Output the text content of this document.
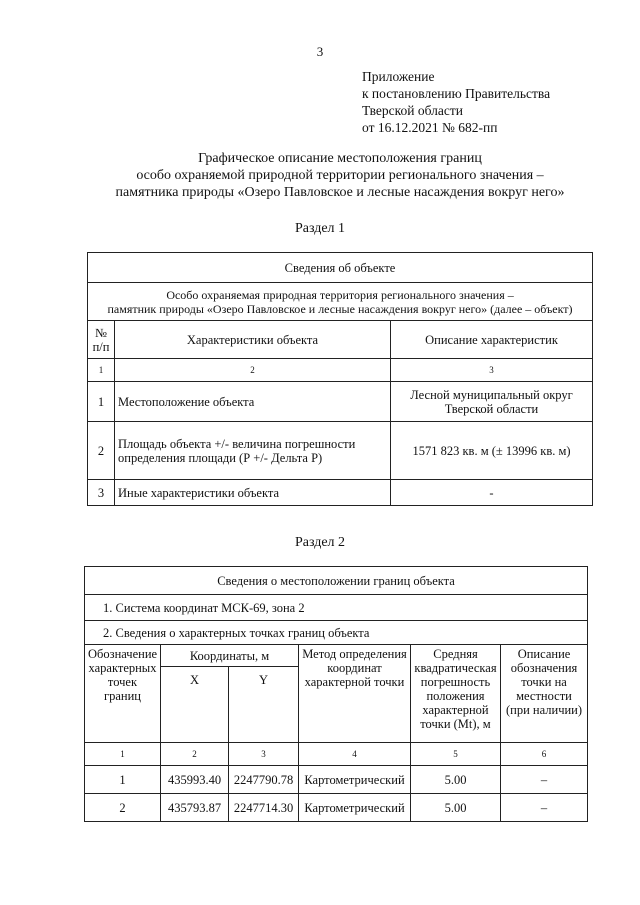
3
Приложение
к постановлению Правительства
Тверской области
от 16.12.2021 № 682-пп
Графическое описание местоположения границ
особо охраняемой природной территории регионального значения –
памятника природы «Озеро Павловское и лесные насаждения вокруг него»
Раздел 1
Сведения об объекте		

Особо охраняемая природная территория регионального значения –
памятник природы «Озеро Павловское и лесные насаждения вокруг него» (далее – объект)		

№ п/п	Характеристики объекта	Описание характеристик
1	2	3
1	Местоположение объекта	Лесной муниципальный округ Тверской области
2	Площадь объекта +/- величина погрешности определения площади (Р +/- Дельта Р)	1571 823 кв. м (± 13996 кв. м)
3	Иные характеристики объекта	-
Раздел 2
Сведения о местоположении границ объекта					
1. Система координат МСК-69, зона 2					
2. Сведения о характерных точках границ объекта					
Обозначение характерных точек границ	Координаты, м		Метод определения координат характерной точки	Средняя квадратическая погрешность положения характерной точки (Mt), м	Описание обозначения точки на местности (при наличии)
	X	Y			
1	2	3	4	5	6
1	435993.40	2247790.78	Картометрический	5.00	–
2	435793.87	2247714.30	Картометрический	5.00	–
